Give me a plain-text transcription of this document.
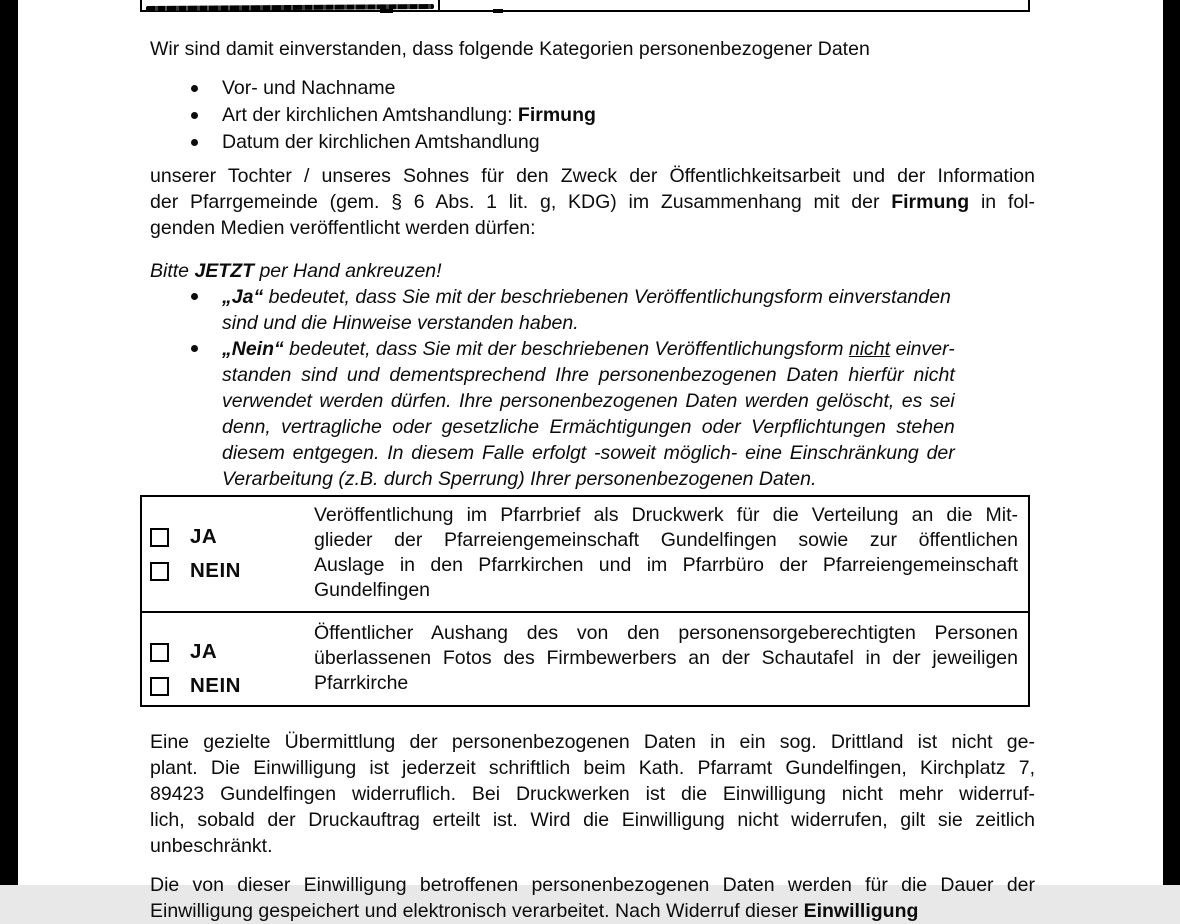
Wir sind damit einverstanden, dass folgende Kategorien personenbezogener Daten

Vor- und Nachname
Art der kirchlichen Amtshandlung: Firmung
Datum der kirchlichen Amtshandlung
unserer Tochter / unseres Sohnes für den Zweck der Öffentlichkeitsarbeit und der Information
der Pfarrgemeinde (gem. § 6 Abs. 1 lit. g, KDG) im Zusammenhang mit der Firmung in fol-
genden Medien veröffentlicht werden dürfen:

Bitte JETZT per Hand ankreuzen!

„Ja“ bedeutet, dass Sie mit der beschriebenen Veröffentlichungsform einverstanden
sind und die Hinweise verstanden haben.
„Nein“ bedeutet, dass Sie mit der beschriebenen Veröffentlichungsform nicht einver-
standen sind und dementsprechend Ihre personenbezogenen Daten hierfür nicht
verwendet werden dürfen. Ihre personenbezogenen Daten werden gelöscht, es sei
denn, vertragliche oder gesetzliche Ermächtigungen oder Verpflichtungen stehen
diesem entgegen. In diesem Falle erfolgt -soweit möglich- eine Einschränkung der
Verarbeitung (z.B. durch Sperrung) Ihrer personenbezogenen Daten.
JA
NEIN
Veröffentlichung im Pfarrbrief als Druckwerk für die Verteilung an die Mit-
glieder der Pfarreiengemeinschaft Gundelfingen sowie zur öffentlichen
Auslage in den Pfarrkirchen und im Pfarrbüro der Pfarreiengemeinschaft
Gundelfingen
JA
NEIN
Öffentlicher Aushang des von den personensorgeberechtigten Personen
überlassenen Fotos des Firmbewerbers an der Schautafel in der jeweiligen
Pfarrkirche
Eine gezielte Übermittlung der personenbezogenen Daten in ein sog. Drittland ist nicht ge-
plant. Die Einwilligung ist jederzeit schriftlich beim Kath. Pfarramt Gundelfingen, Kirchplatz 7,
89423 Gundelfingen widerruflich. Bei Druckwerken ist die Einwilligung nicht mehr widerruf-
lich, sobald der Druckauftrag erteilt ist. Wird die Einwilligung nicht widerrufen, gilt sie zeitlich
unbeschränkt.
Die von dieser Einwilligung betroffenen personenbezogenen Daten werden für die Dauer der
Einwilligung gespeichert und elektronisch verarbeitet. Nach Widerruf dieser Einwilligung
